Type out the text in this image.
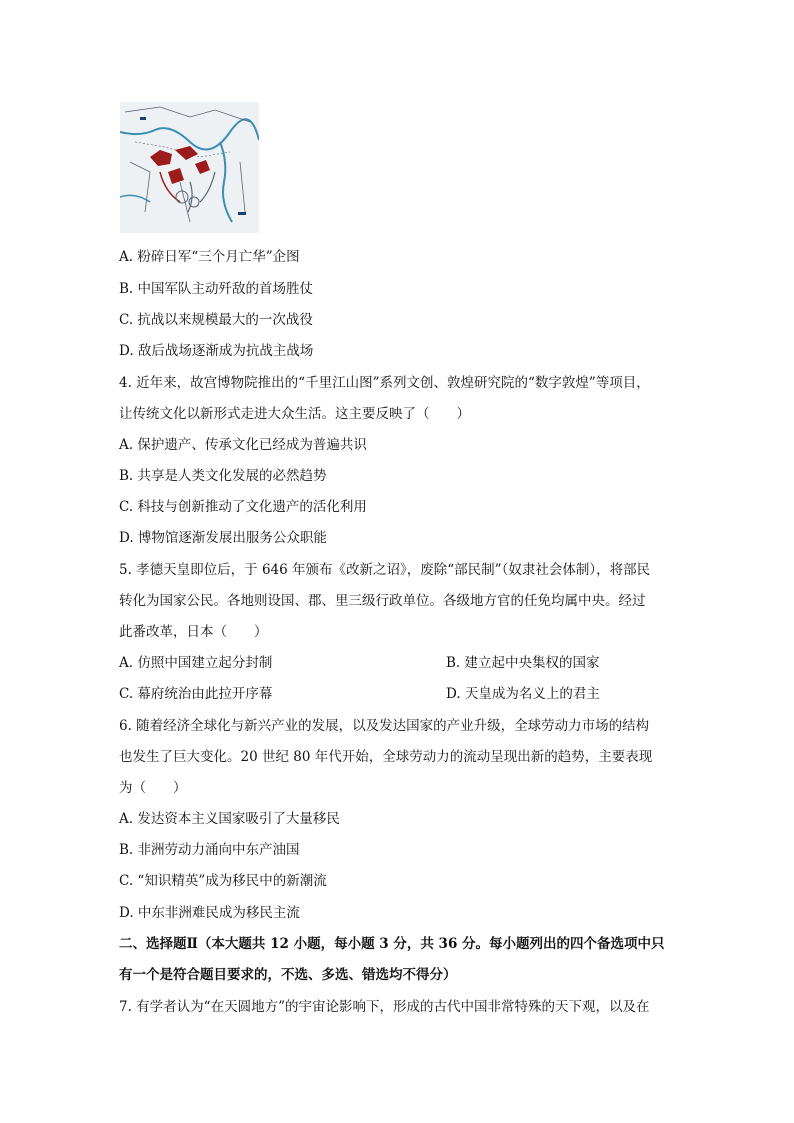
A. 粉碎日军“三个月亡华”企图
B. 中国军队主动歼敌的首场胜仗
C. 抗战以来规模最大的一次战役
D. 敌后战场逐渐成为抗战主战场
4. 近年来，故宫博物院推出的“千里江山图”系列文创、敦煌研究院的“数字敦煌”等项目，
让传统文化以新形式走进大众生活。这主要反映了（　　）
A. 保护遗产、传承文化已经成为普遍共识
B. 共享是人类文化发展的必然趋势
C. 科技与创新推动了文化遗产的活化利用
D. 博物馆逐渐发展出服务公众职能
5. 孝德天皇即位后，于 646 年颁布《改新之诏》，废除“部民制”（奴隶社会体制），将部民
转化为国家公民。各地则设国、郡、里三级行政单位。各级地方官的任免均属中央。经过
此番改革，日本（　　）
A. 仿照中国建立起分封制	B. 建立起中央集权的国家
C. 幕府统治由此拉开序幕	D. 天皇成为名义上的君主
6. 随着经济全球化与新兴产业的发展，以及发达国家的产业升级，全球劳动力市场的结构
也发生了巨大变化。20 世纪 80 年代开始，全球劳动力的流动呈现出新的趋势，主要表现
为（　　）
A. 发达资本主义国家吸引了大量移民
B. 非洲劳动力涌向中东产油国
C. “知识精英”成为移民中的新潮流
D. 中东非洲难民成为移民主流
二、选择题Ⅱ（本大题共 12 小题，每小题 3 分，共 36 分。每小题列出的四个备选项中只
有一个是符合题目要求的，不选、多选、错选均不得分）
7. 有学者认为“在天圆地方”的宇宙论影响下，形成的古代中国非常特殊的天下观，以及在
